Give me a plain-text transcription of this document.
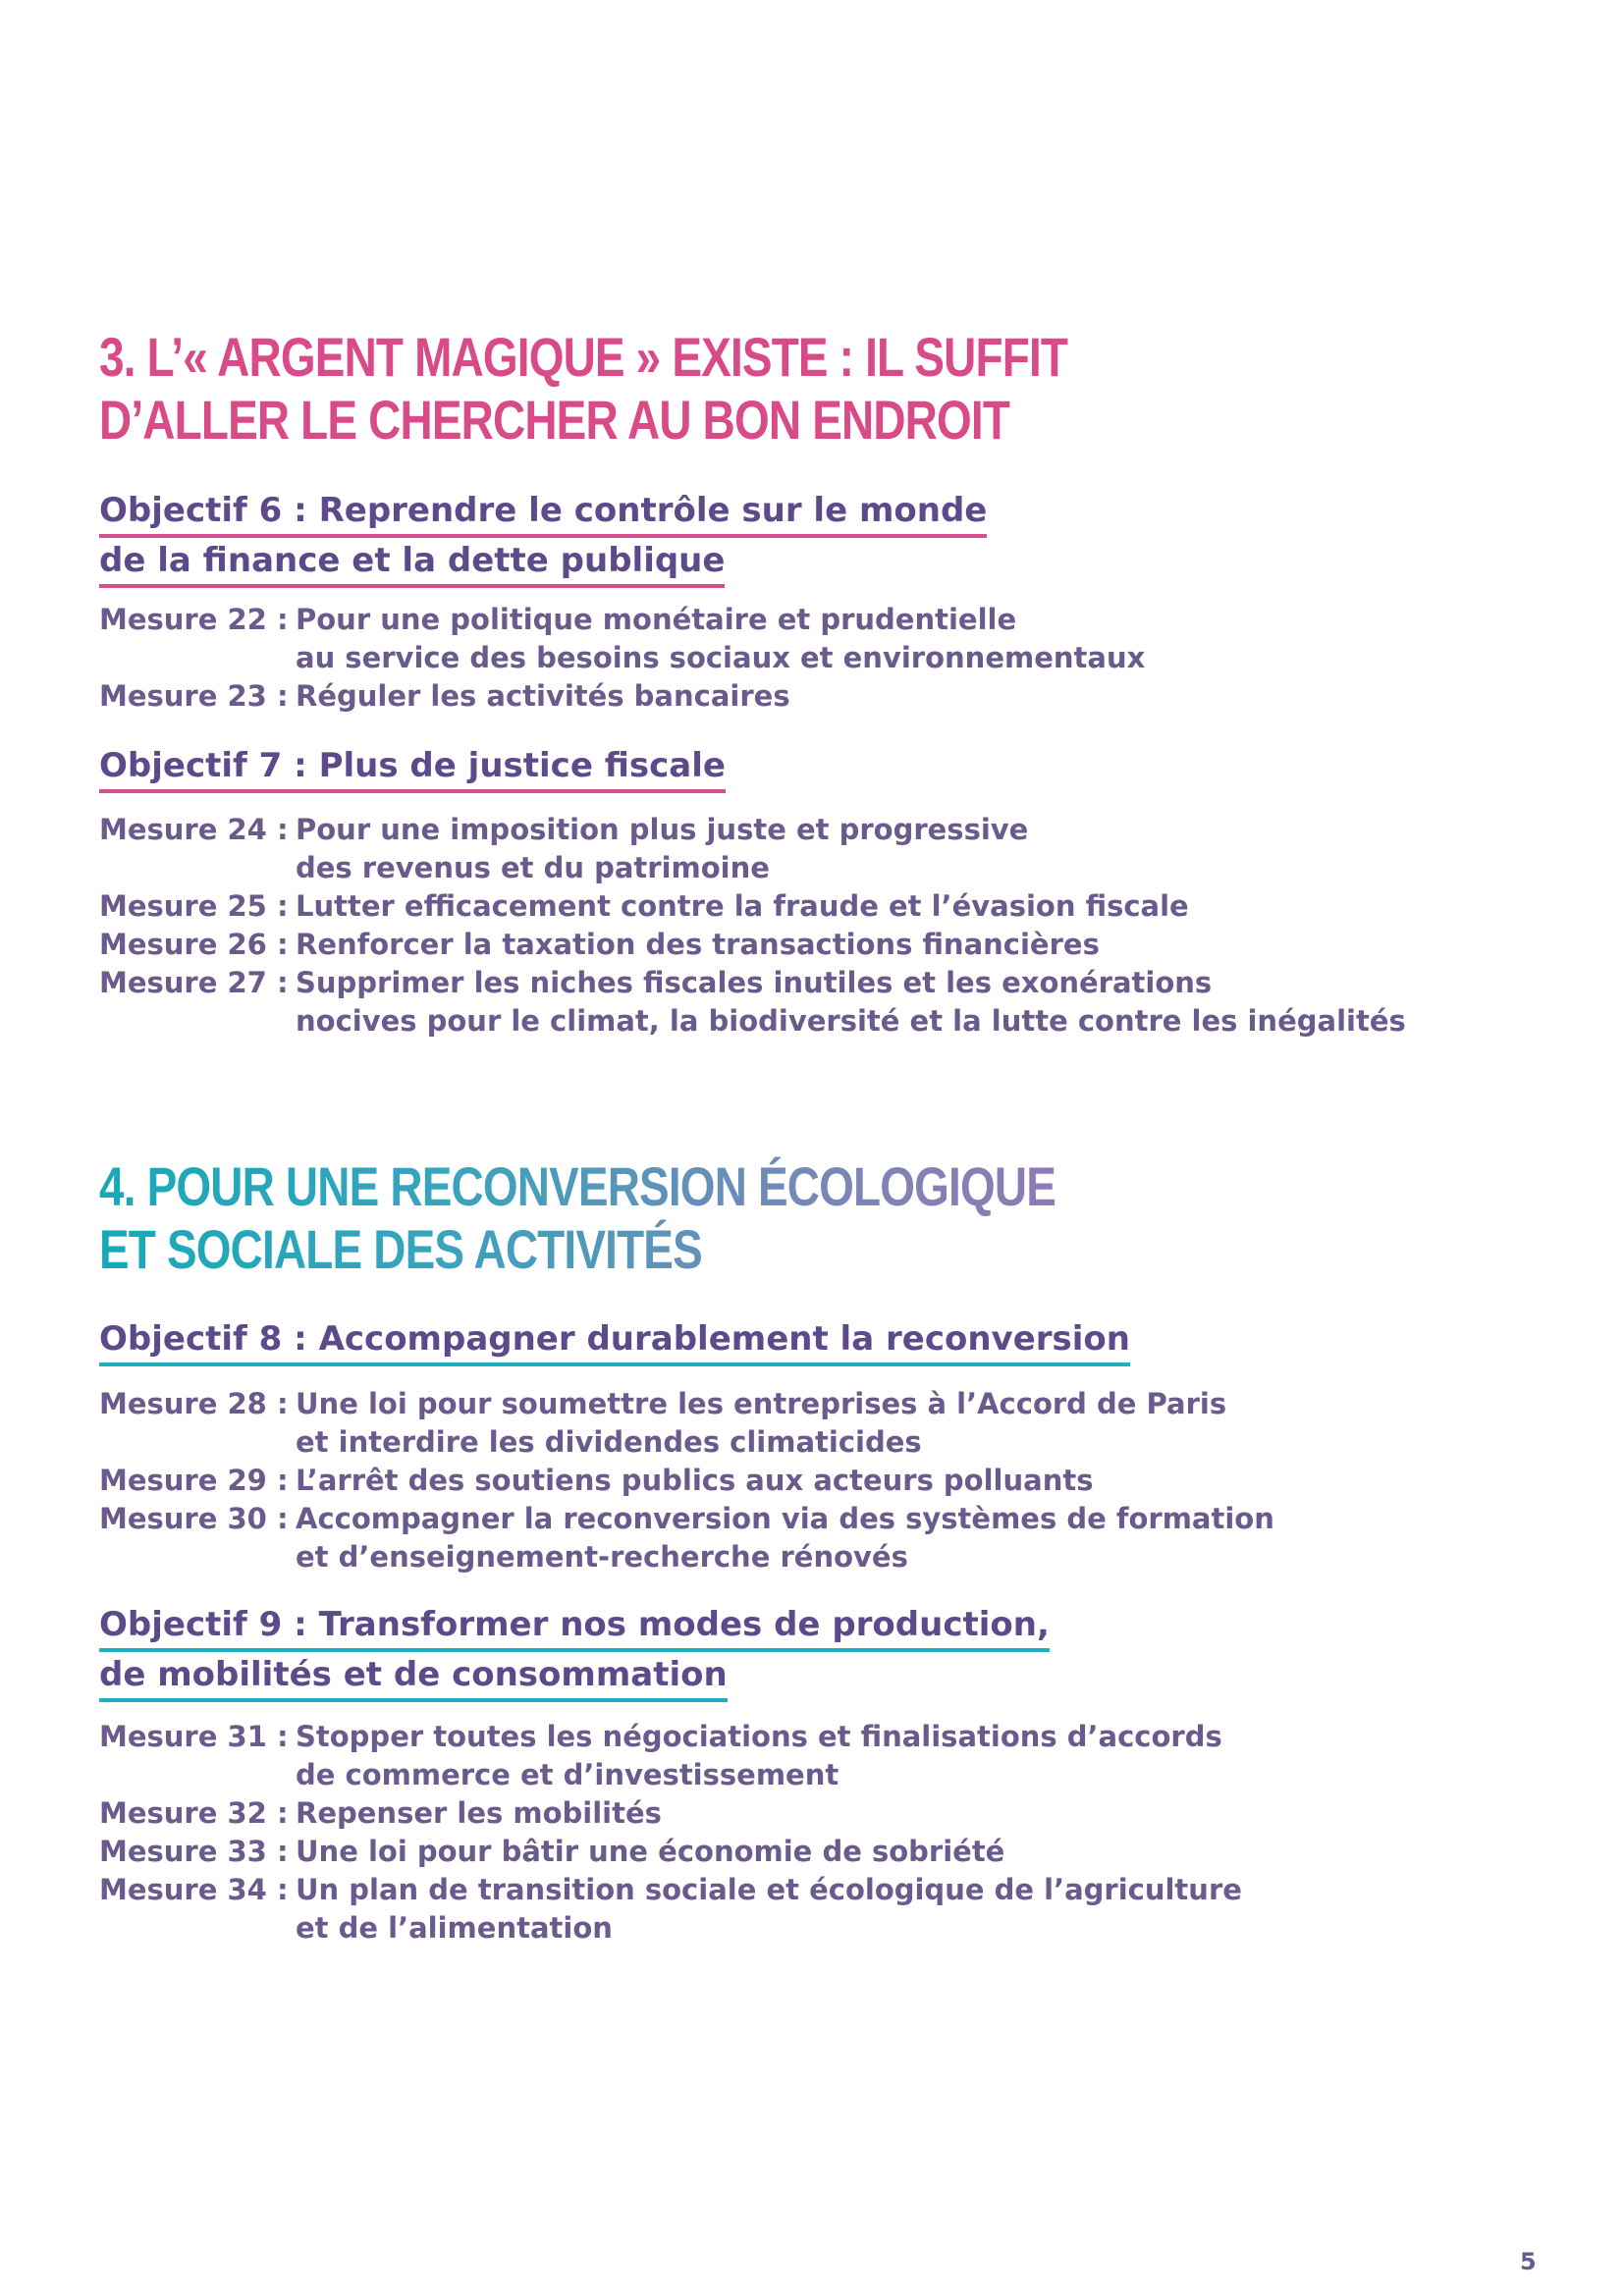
3. L’« ARGENT MAGIQUE » EXISTE : IL SUFFIT
D’ALLER LE CHERCHER AU BON ENDROIT
Objectif 6 : Reprendre le contrôle sur le monde
de la finance et la dette publique
Mesure 22 : Pour une politique monétaire et prudentielle
au service des besoins sociaux et environnementaux
Mesure 23 : Réguler les activités bancaires
Objectif 7 : Plus de justice fiscale
Mesure 24 : Pour une imposition plus juste et progressive
des revenus et du patrimoine
Mesure 25 : Lutter efficacement contre la fraude et l’évasion fiscale
Mesure 26 : Renforcer la taxation des transactions financières
Mesure 27 : Supprimer les niches fiscales inutiles et les exonérations
nocives pour le climat, la biodiversité et la lutte contre les inégalités
4. POUR UNE RECONVERSION ÉCOLOGIQUE
ET SOCIALE DES ACTIVITÉS
Objectif 8 : Accompagner durablement la reconversion
Mesure 28 : Une loi pour soumettre les entreprises à l’Accord de Paris
et interdire les dividendes climaticides
Mesure 29 : L’arrêt des soutiens publics aux acteurs polluants
Mesure 30 : Accompagner la reconversion via des systèmes de formation
et d’enseignement-recherche rénovés
Objectif 9 : Transformer nos modes de production,
de mobilités et de consommation
Mesure 31 : Stopper toutes les négociations et finalisations d’accords
de commerce et d’investissement
Mesure 32 : Repenser les mobilités
Mesure 33 : Une loi pour bâtir une économie de sobriété
Mesure 34 : Un plan de transition sociale et écologique de l’agriculture
et de l’alimentation
5
